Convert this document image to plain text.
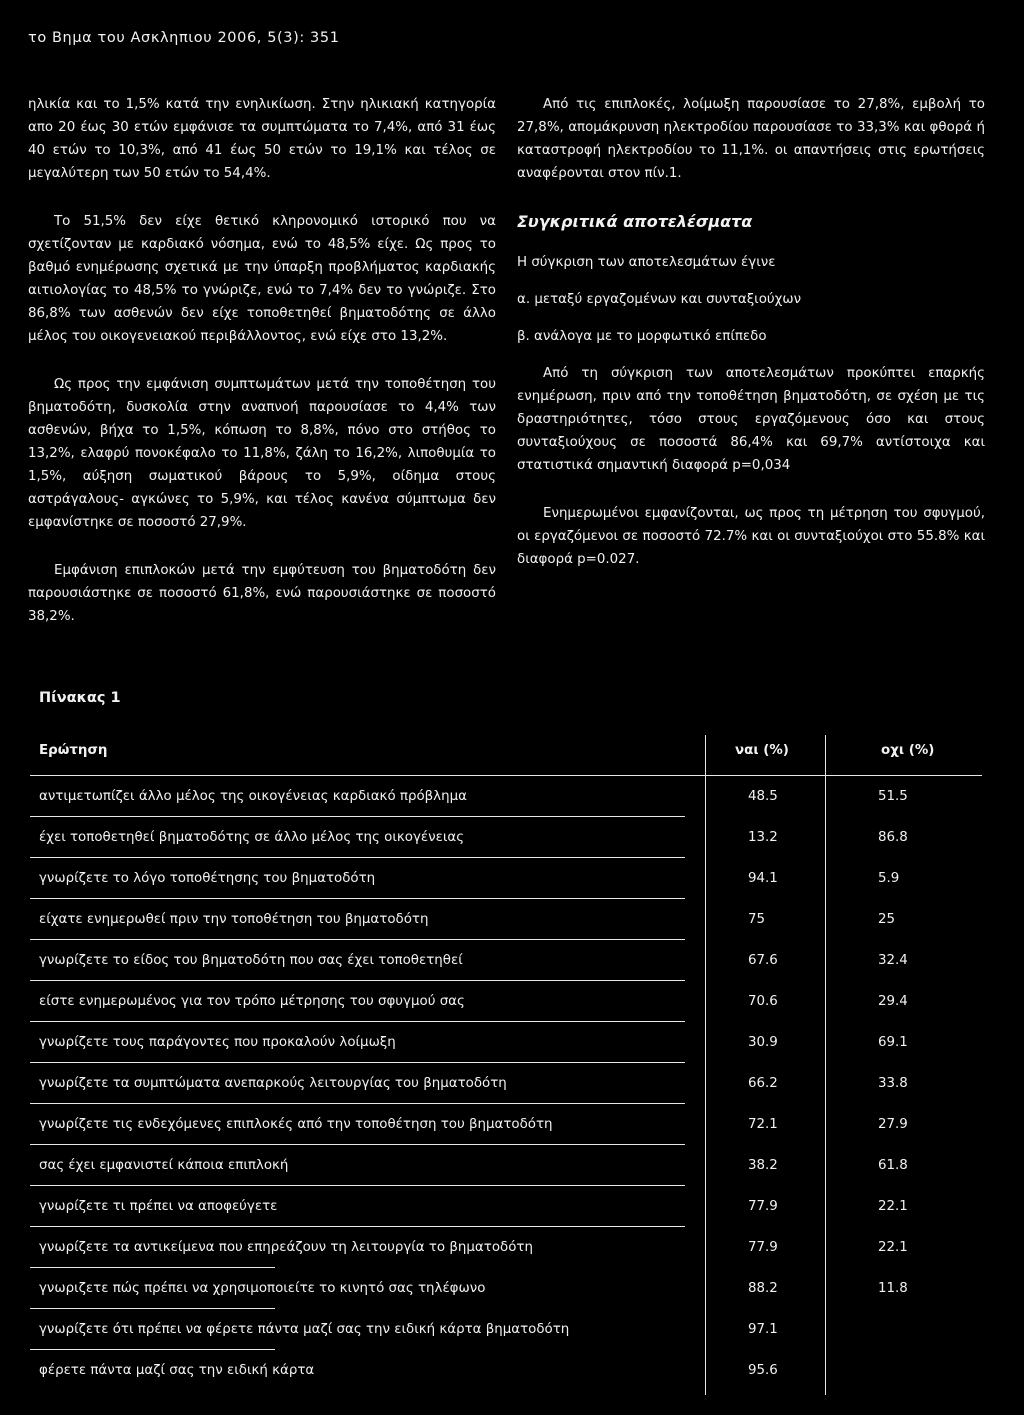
το Βημα του Ασκληπιου 2006, 5(3): 351

ηλικία και το 1,5% κατά την ενηλικίωση. Στην ηλικιακή κατηγορία απο 20 έως 30 ετών εμφάνισε τα συμπτώματα το 7,4%, από 31 έως 40 ετών το 10,3%, από 41 έως 50 ετών το 19,1% και τέλος σε μεγαλύτερη των 50 ετών το 54,4%.

Το 51,5% δεν είχε θετικό κληρονομικό ιστορικό που να σχετίζονταν με καρδιακό νόσημα, ενώ το 48,5% είχε. Ως προς το βαθμό ενημέρωσης σχετικά με την ύπαρξη προβλήματος καρδιακής αιτιολογίας το 48,5% το γνώριζε, ενώ το 7,4% δεν το γνώριζε. Στο 86,8% των ασθενών δεν είχε τοποθετηθεί βηματοδότης σε άλλο μέλος του οικογενειακού περιβάλλοντος, ενώ είχε στο 13,2%.

Ως προς την εμφάνιση συμπτωμάτων μετά την τοποθέτηση του βηματοδότη, δυσκολία στην αναπνοή παρουσίασε το 4,4% των ασθενών, βήχα το 1,5%, κόπωση το 8,8%, πόνο στο στήθος το 13,2%, ελαφρύ πονοκέφαλο το 11,8%, ζάλη το 16,2%, λιποθυμία το 1,5%, αύξηση σωματικού βάρους το 5,9%, οίδημα στους αστράγαλους- αγκώνες το 5,9%, και τέλος κανένα σύμπτωμα δεν εμφανίστηκε σε ποσοστό 27,9%.

Εμφάνιση επιπλοκών μετά την εμφύτευση του βηματοδότη δεν παρουσιάστηκε σε ποσοστό 61,8%, ενώ παρουσιάστηκε σε ποσοστό 38,2%.

Από τις επιπλοκές, λοίμωξη παρουσίασε το 27,8%, εμβολή το 27,8%, απομάκρυνση ηλεκτροδίου παρουσίασε το 33,3% και φθορά ή καταστροφή ηλεκτροδίου το 11,1%. οι απαντήσεις στις ερωτήσεις αναφέρονται στον πίν.1.

Συγκριτικά αποτελέσματα

Η σύγκριση των αποτελεσμάτων έγινε

α. μεταξύ εργαζομένων και συνταξιούχων

β. ανάλογα με το μορφωτικό επίπεδο

Από τη σύγκριση των αποτελεσμάτων προκύπτει επαρκής ενημέρωση, πριν από την τοποθέτηση βηματοδότη, σε σχέση με τις δραστηριότητες, τόσο στους εργαζόμενους όσο και στους συνταξιούχους σε ποσοστά 86,4% και 69,7% αντίστοιχα και στατιστικά σημαντική διαφορά p=0,034

Ενημερωμένοι εμφανίζονται, ως προς τη μέτρηση του σφυγμού, οι εργαζόμενοι σε ποσοστό 72.7% και οι συνταξιούχοι στο 55.8% και διαφορά p=0.027.

Πίνακας 1
Ερώτηση	ναι (%)	οχι (%)
αντιμετωπίζει άλλο μέλος της οικογένειας καρδιακό πρόβλημα	48.5	51.5
έχει τοποθετηθεί βηματοδότης σε άλλο μέλος της οικογένειας	13.2	86.8
γνωρίζετε το λόγο τοποθέτησης του βηματοδότη	94.1	5.9
είχατε ενημερωθεί πριν την τοποθέτηση του βηματοδότη	75	25
γνωρίζετε το είδος του βηματοδότη που σας έχει τοποθετηθεί	67.6	32.4
είστε ενημερωμένος για τον τρόπο μέτρησης του σφυγμού σας	70.6	29.4
γνωρίζετε τους παράγοντες που προκαλούν λοίμωξη	30.9	69.1
γνωρίζετε τα συμπτώματα ανεπαρκούς λειτουργίας του βηματοδότη	66.2	33.8
γνωρίζετε τις ενδεχόμενες επιπλοκές από την τοποθέτηση του βηματοδότη	72.1	27.9
σας έχει εμφανιστεί κάποια επιπλοκή	38.2	61.8
γνωρίζετε τι πρέπει να αποφεύγετε	77.9	22.1
γνωρίζετε τα αντικείμενα που επηρεάζουν τη λειτουργία το βηματοδότη	77.9	22.1
γνωριζετε πώς πρέπει να χρησιμοποιείτε το κινητό σας τηλέφωνο	88.2	11.8
γνωρίζετε ότι πρέπει να φέρετε πάντα μαζί σας την ειδική κάρτα βηματοδότη	97.1
φέρετε πάντα μαζί σας την ειδική κάρτα	95.6
